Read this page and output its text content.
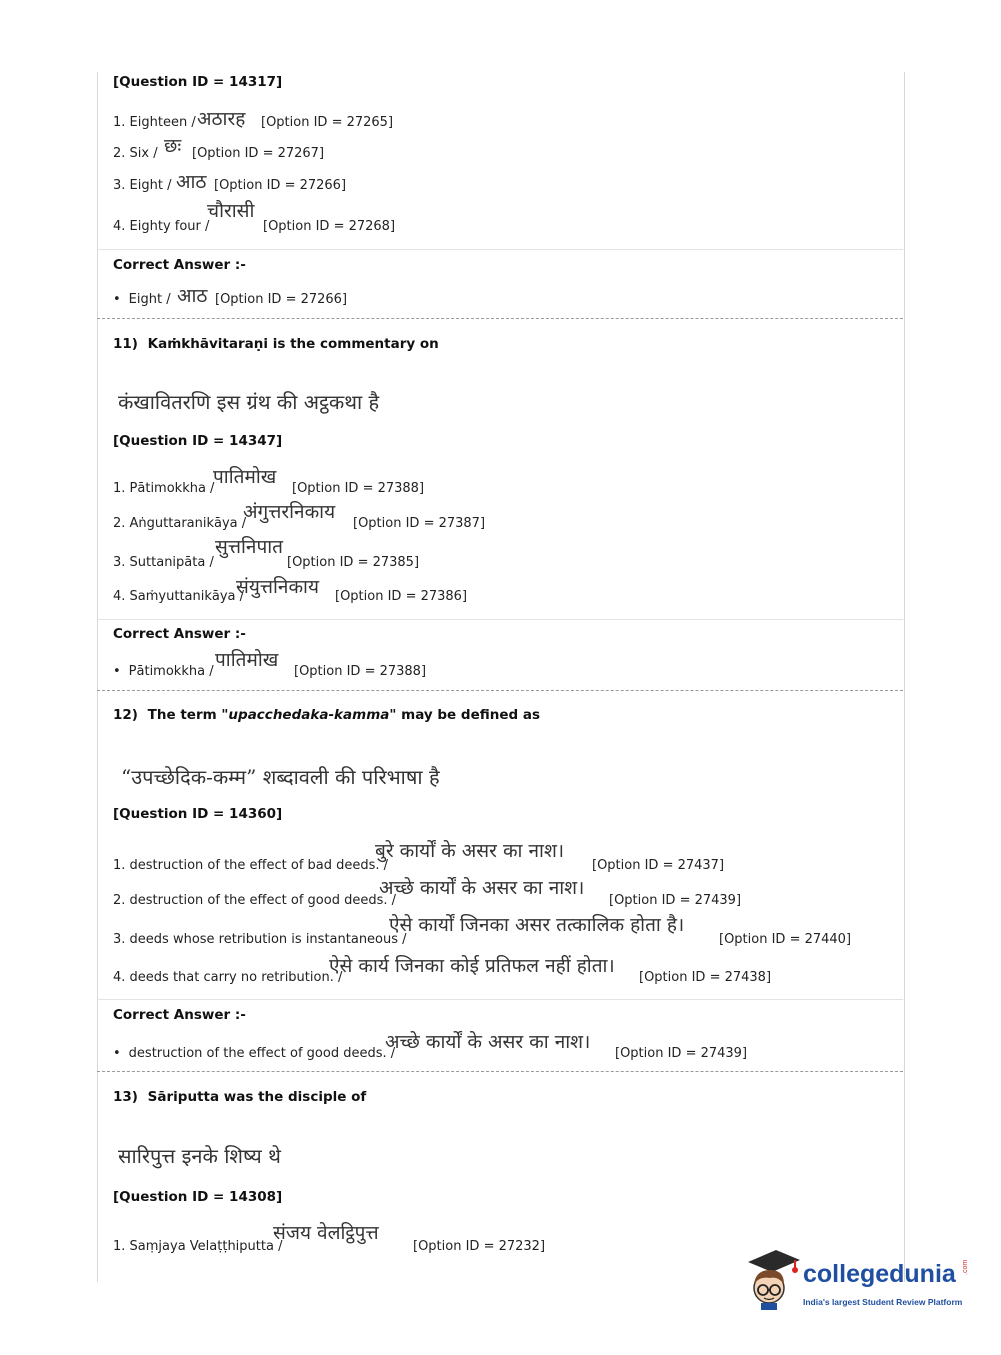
[Question ID = 14317]
1. Eighteen / अठारह [Option ID = 27265]
2. Six / छः [Option ID = 27267]
3. Eight / आठ [Option ID = 27266]
4. Eighty four /
चौरासी
[Option ID = 27268]
Correct Answer :-
• Eight / आठ [Option ID = 27266]
11) Kaṁkhāvitaraṇi is the commentary on
कंखावितरणि इस ग्रंथ की अट्ठकथा है
[Question ID = 14347]
1. Pātimokkha /
पातिमोख
[Option ID = 27388]
2. Aṅguttaranikāya /
अंगुत्तरनिकाय
[Option ID = 27387]
3. Suttanipāta /
सुत्तनिपात
[Option ID = 27385]
4. Saṁyuttanikāya /
संयुत्तनिकाय [Option ID = 27386]
Correct Answer :-
• Pātimokkha /
पातिमोख
[Option ID = 27388]
12) The term "upacchedaka-kamma" may be defined as
“उपच्छेदिक-कम्म” शब्दावली की परिभाषा है
[Question ID = 14360]
1. destruction of the effect of bad deeds. /
बुरे कार्यों के असर का नाश।
[Option ID = 27437]
2. destruction of the effect of good deeds. /
अच्छे कार्यों के असर का नाश।
[Option ID = 27439]
3. deeds whose retribution is instantaneous /
ऐसे कार्यों जिनका असर तत्कालिक होता है।
[Option ID = 27440]
4. deeds that carry no retribution. /
ऐसे कार्य जिनका कोई प्रतिफल नहीं होता।
[Option ID = 27438]
Correct Answer :-
• destruction of the effect of good deeds. /
अच्छे कार्यों के असर का नाश।
[Option ID = 27439]
13) Sāriputta was the disciple of
सारिपुत्त इनके शिष्य थे
[Question ID = 14308]
1. Saṃjaya Velaṭṭhiputta /
संजय वेलट्ठिपुत्त
[Option ID = 27232]
collegedunia .com
India's largest Student Review Platform
